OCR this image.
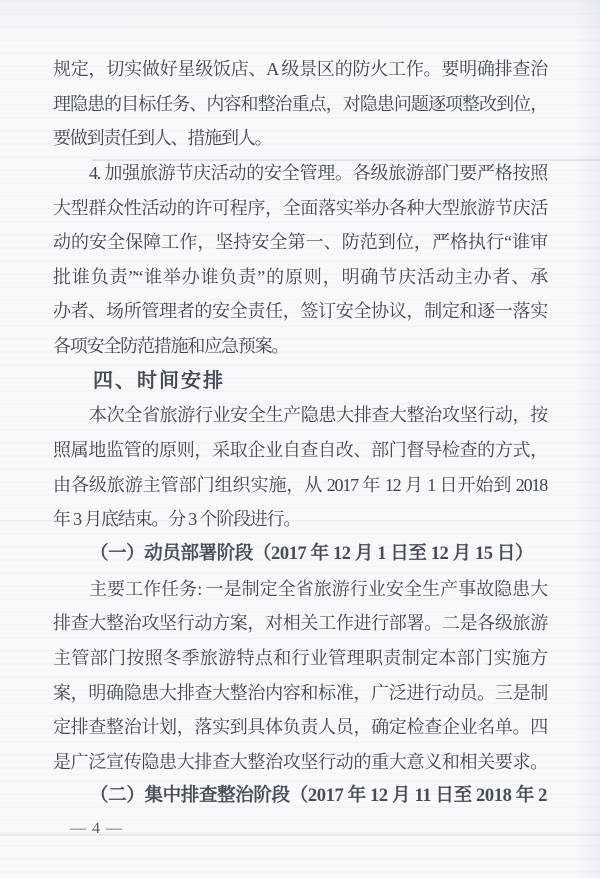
规定，切实做好星级饭店、A 级景区的防火工作。要明确排查治
理隐患的目标任务、内容和整治重点，对隐患问题逐项整改到位，
要做到责任到人、措施到人。
4. 加强旅游节庆活动的安全管理。各级旅游部门要严格按照
大型群众性活动的许可程序，全面落实举办各种大型旅游节庆活
动的安全保障工作，坚持安全第一、防范到位，严格执行“谁审
批谁负责”“谁举办谁负责”的原则，明确节庆活动主办者、承
办者、场所管理者的安全责任，签订安全协议，制定和逐一落实
各项安全防范措施和应急预案。
四、时间安排
本次全省旅游行业安全生产隐患大排查大整治攻坚行动，按
照属地监管的原则，采取企业自查自改、部门督导检查的方式，
由各级旅游主管部门组织实施，从 2017 年 12 月 1 日开始到 2018
年 3 月底结束。分 3 个阶段进行。
（一）动员部署阶段（2017 年 12 月 1 日至 12 月 15 日）
主要工作任务: 一是制定全省旅游行业安全生产事故隐患大
排查大整治攻坚行动方案，对相关工作进行部署。二是各级旅游
主管部门按照冬季旅游特点和行业管理职责制定本部门实施方
案，明确隐患大排查大整治内容和标准，广泛进行动员。三是制
定排查整治计划，落实到具体负责人员，确定检查企业名单。四
是广泛宣传隐患大排查大整治攻坚行动的重大意义和相关要求。
（二）集中排查整治阶段（2017 年 12 月 11 日至 2018 年 2
— 4 —
